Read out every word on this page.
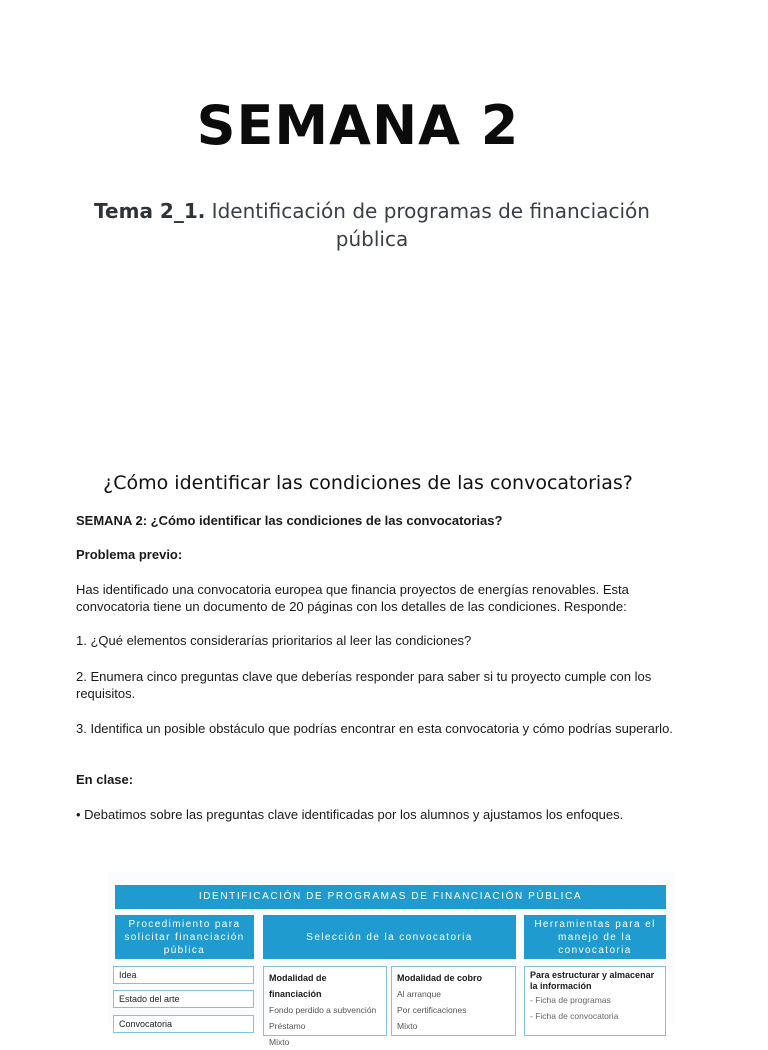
SEMANA 2
Tema 2_1. Identificación de programas de financiación pública
¿Cómo identificar las condiciones de las convocatorias?

SEMANA 2: ¿Cómo identificar las condiciones de las convocatorias?

Problema previo:

Has identificado una convocatoria europea que financia proyectos de energías renovables. Esta convocatoria tiene un documento de 20 páginas con los detalles de las condiciones. Responde:

1. ¿Qué elementos considerarías prioritarios al leer las condiciones?

2. Enumera cinco preguntas clave que deberías responder para saber si tu proyecto cumple con los requisitos.

3. Identifica un posible obstáculo que podrías encontrar en esta convocatoria y cómo podrías superarlo.

En clase:

• Debatimos sobre las preguntas clave identificadas por los alumnos y ajustamos los enfoques.

IDENTIFICACIÓN DE PROGRAMAS DE FINANCIACIÓN PÚBLICA
Procedimiento para solicitar financiación pública
Selección de la convocatoria
Herramientas para el manejo de la convocatoria
Idea
Estado del arte
Convocatoria
Modalidad de financiación
Fondo perdido a subvención
Préstamo
Mixto
Modalidad de cobro
Al arranque
Por certificaciones
Mixto
Para estructurar y almacenar la información
- Ficha de programas
- Ficha de convocatoria
